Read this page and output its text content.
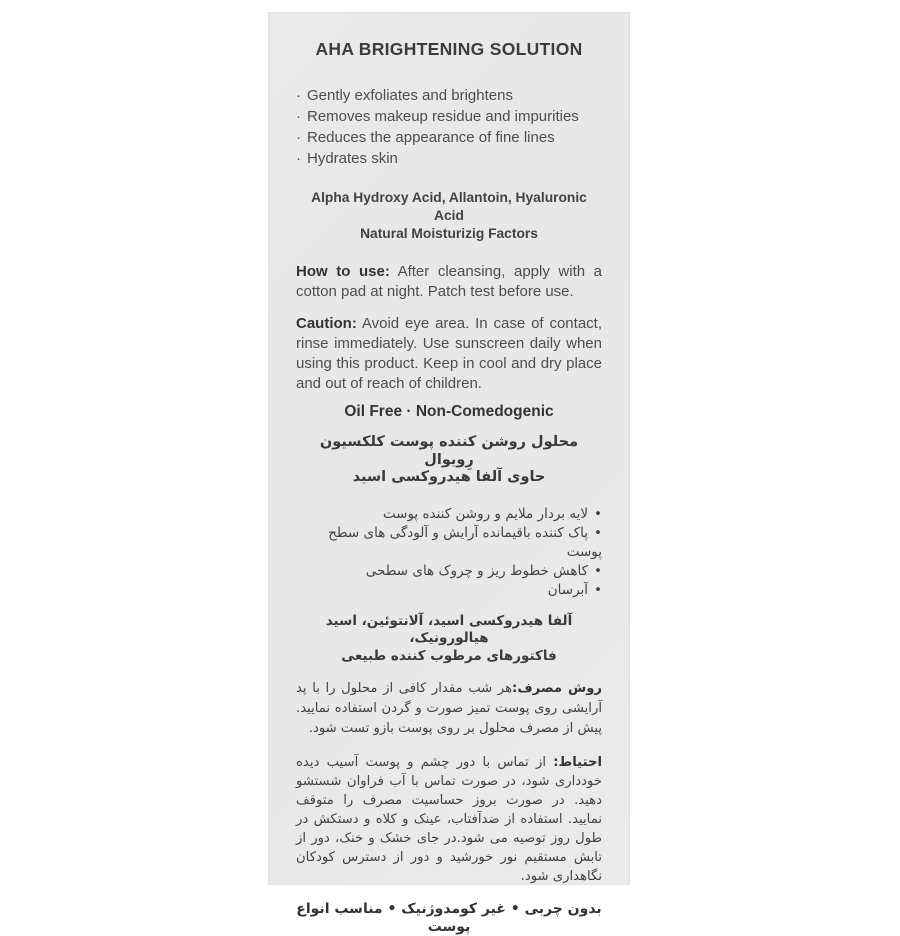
AHA BRIGHTENING SOLUTION
· Gently exfoliates and brightens
· Removes makeup residue and impurities
· Reduces the appearance of fine lines
· Hydrates skin
Alpha Hydroxy Acid, Allantoin, Hyaluronic Acid
Natural Moisturizig Factors

How to use: After cleansing, apply with a cotton pad at night. Patch test before use.

Caution: Avoid eye area. In case of contact, rinse immediately. Use sunscreen daily when using this product. Keep in cool and dry place and out of reach of children.

Oil Free · Non-Comedogenic
محلول روشن کننده پوست کلکسیون رِویوال
حاوی آلفا هیدروکسی اسید
•لایه بردار ملایم و روشن کننده پوست
•پاک کننده باقیمانده آرایش و آلودگی های سطح پوست
•کاهش خطوط ریز و چروک های سطحی
•آبرسان
آلفا هیدروکسی اسید، آلانتوئین، اسید هیالورونیک،
فاکتورهای مرطوب کننده طبیعی

روش مصرف:هر شب مقدار کافی از محلول را با پد آرایشی روی پوست تمیز صورت و گردن استفاده نمایید. پیش از مصرف محلول بر روی پوست بازو تست شود.

احتیاط: از تماس با دور چشم و پوست آسیب دیده خودداری شود، در صورت تماس با آب فراوان شستشو دهید. در صورت بروز حساسیت مصرف را متوقف نمایید. استفاده از ضدآفتاب، عینک و کلاه و دستکش در طول روز توصیه می شود.در جای خشک و خنک، دور از تابش مستقیم نور خورشید و دور از دسترس کودکان نگاهداری شود.

بدون چربی • غیر کومدوژنیک • مناسب انواع پوست
